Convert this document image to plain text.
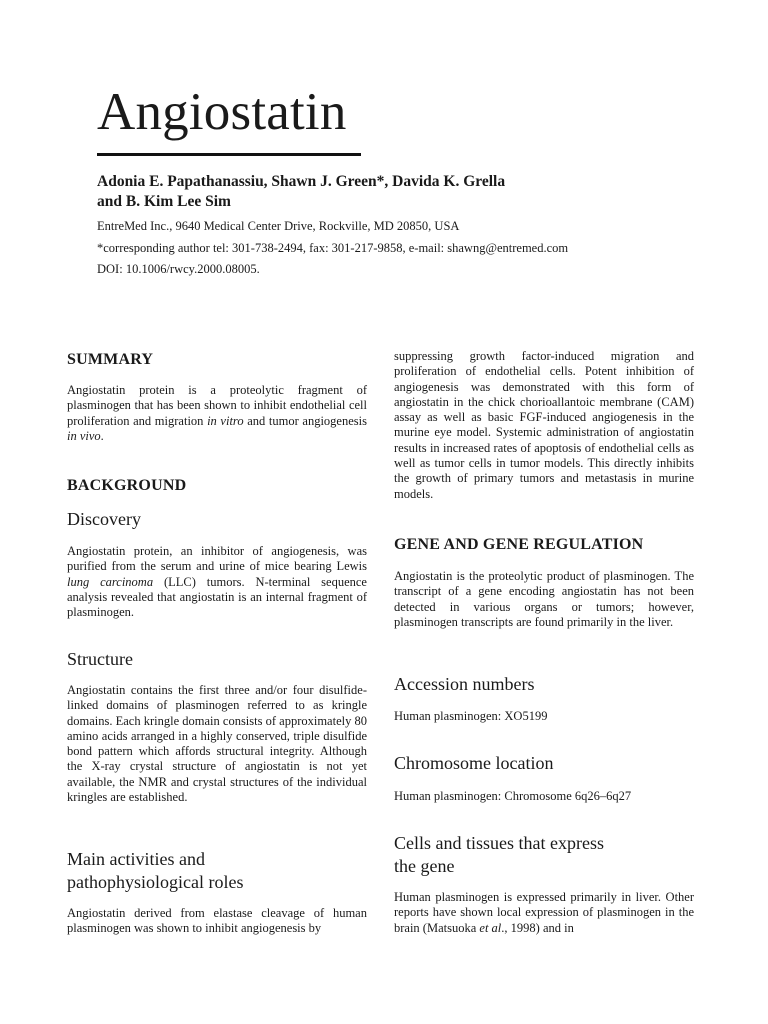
Angiostatin
Adonia E. Papathanassiu, Shawn J. Green*, Davida K. Grella
and B. Kim Lee Sim
EntreMed Inc., 9640 Medical Center Drive, Rockville, MD 20850, USA
*corresponding author tel: 301-738-2494, fax: 301-217-9858, e-mail: shawng@entremed.com
DOI: 10.1006/rwcy.2000.08005.
SUMMARY

Angiostatin protein is a proteolytic fragment of plasminogen that has been shown to inhibit endothelial cell proliferation and migration in vitro and tumor angiogenesis in vivo.

BACKGROUND
Discovery

Angiostatin protein, an inhibitor of angiogenesis, was purified from the serum and urine of mice bearing Lewis lung carcinoma (LLC) tumors. N-terminal sequence analysis revealed that angiostatin is an internal fragment of plasminogen.

Structure

Angiostatin contains the first three and/or four disulfide-linked domains of plasminogen referred to as kringle domains. Each kringle domain consists of approximately 80 amino acids arranged in a highly conserved, triple disulfide bond pattern which affords structural integrity. Although the X-ray crystal structure of angiostatin is not yet available, the NMR and crystal structures of the individual kringles are established.

Main activities and
pathophysiological roles

Angiostatin derived from elastase cleavage of human plasminogen was shown to inhibit angiogenesis by

suppressing growth factor-induced migration and proliferation of endothelial cells. Potent inhibition of angiogenesis was demonstrated with this form of angiostatin in the chick chorioallantoic membrane (CAM) assay as well as basic FGF-induced angiogenesis in the murine eye model. Systemic administration of angiostatin results in increased rates of apoptosis of endothelial cells as well as tumor cells in tumor models. This directly inhibits the growth of primary tumors and metastasis in murine models.

GENE AND GENE REGULATION

Angiostatin is the proteolytic product of plasminogen. The transcript of a gene encoding angiostatin has not been detected in various organs or tumors; however, plasminogen transcripts are found primarily in the liver.

Accession numbers

Human plasminogen: XO5199

Chromosome location

Human plasminogen: Chromosome 6q26–6q27

Cells and tissues that express
the gene

Human plasminogen is expressed primarily in liver. Other reports have shown local expression of plasminogen in the brain (Matsuoka et al., 1998) and in
